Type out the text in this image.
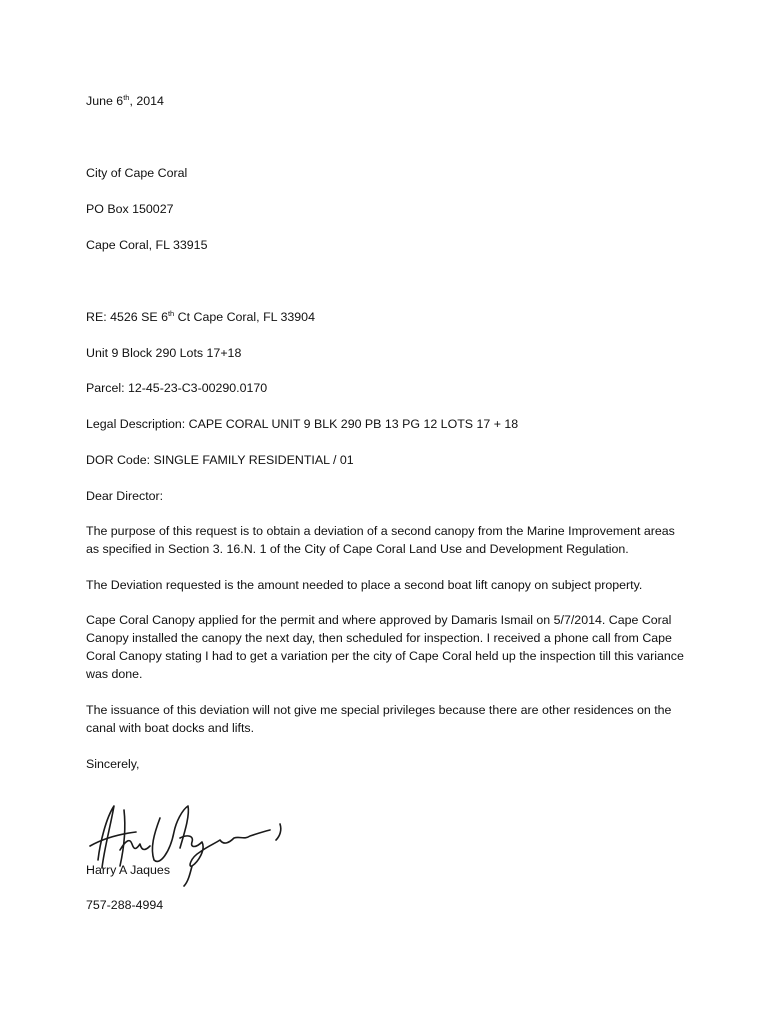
June 6th, 2014

City of Cape Coral

PO Box 150027

Cape Coral, FL 33915

RE: 4526 SE 6th Ct Cape Coral, FL 33904

Unit 9 Block 290 Lots 17+18

Parcel: 12-45-23-C3-00290.0170

Legal Description: CAPE CORAL UNIT 9 BLK 290 PB 13 PG 12 LOTS 17 + 18

DOR Code: SINGLE FAMILY RESIDENTIAL / 01

Dear Director:

The purpose of this request is to obtain a deviation of a second canopy from the Marine Improvement areas as specified in Section 3. 16.N. 1 of the City of Cape Coral Land Use and Development Regulation.

The Deviation requested is the amount needed to place a second boat lift canopy on subject property.

Cape Coral Canopy applied for the permit and where approved by Damaris Ismail on 5/7/2014. Cape Coral Canopy installed the canopy the next day, then scheduled for inspection. I received a phone call from Cape Coral Canopy stating I had to get a variation per the city of Cape Coral held up the inspection till this variance was done.

The issuance of this deviation will not give me special privileges because there are other residences on the canal with boat docks and lifts.

Sincerely,

Harry A Jaques

757-288-4994
